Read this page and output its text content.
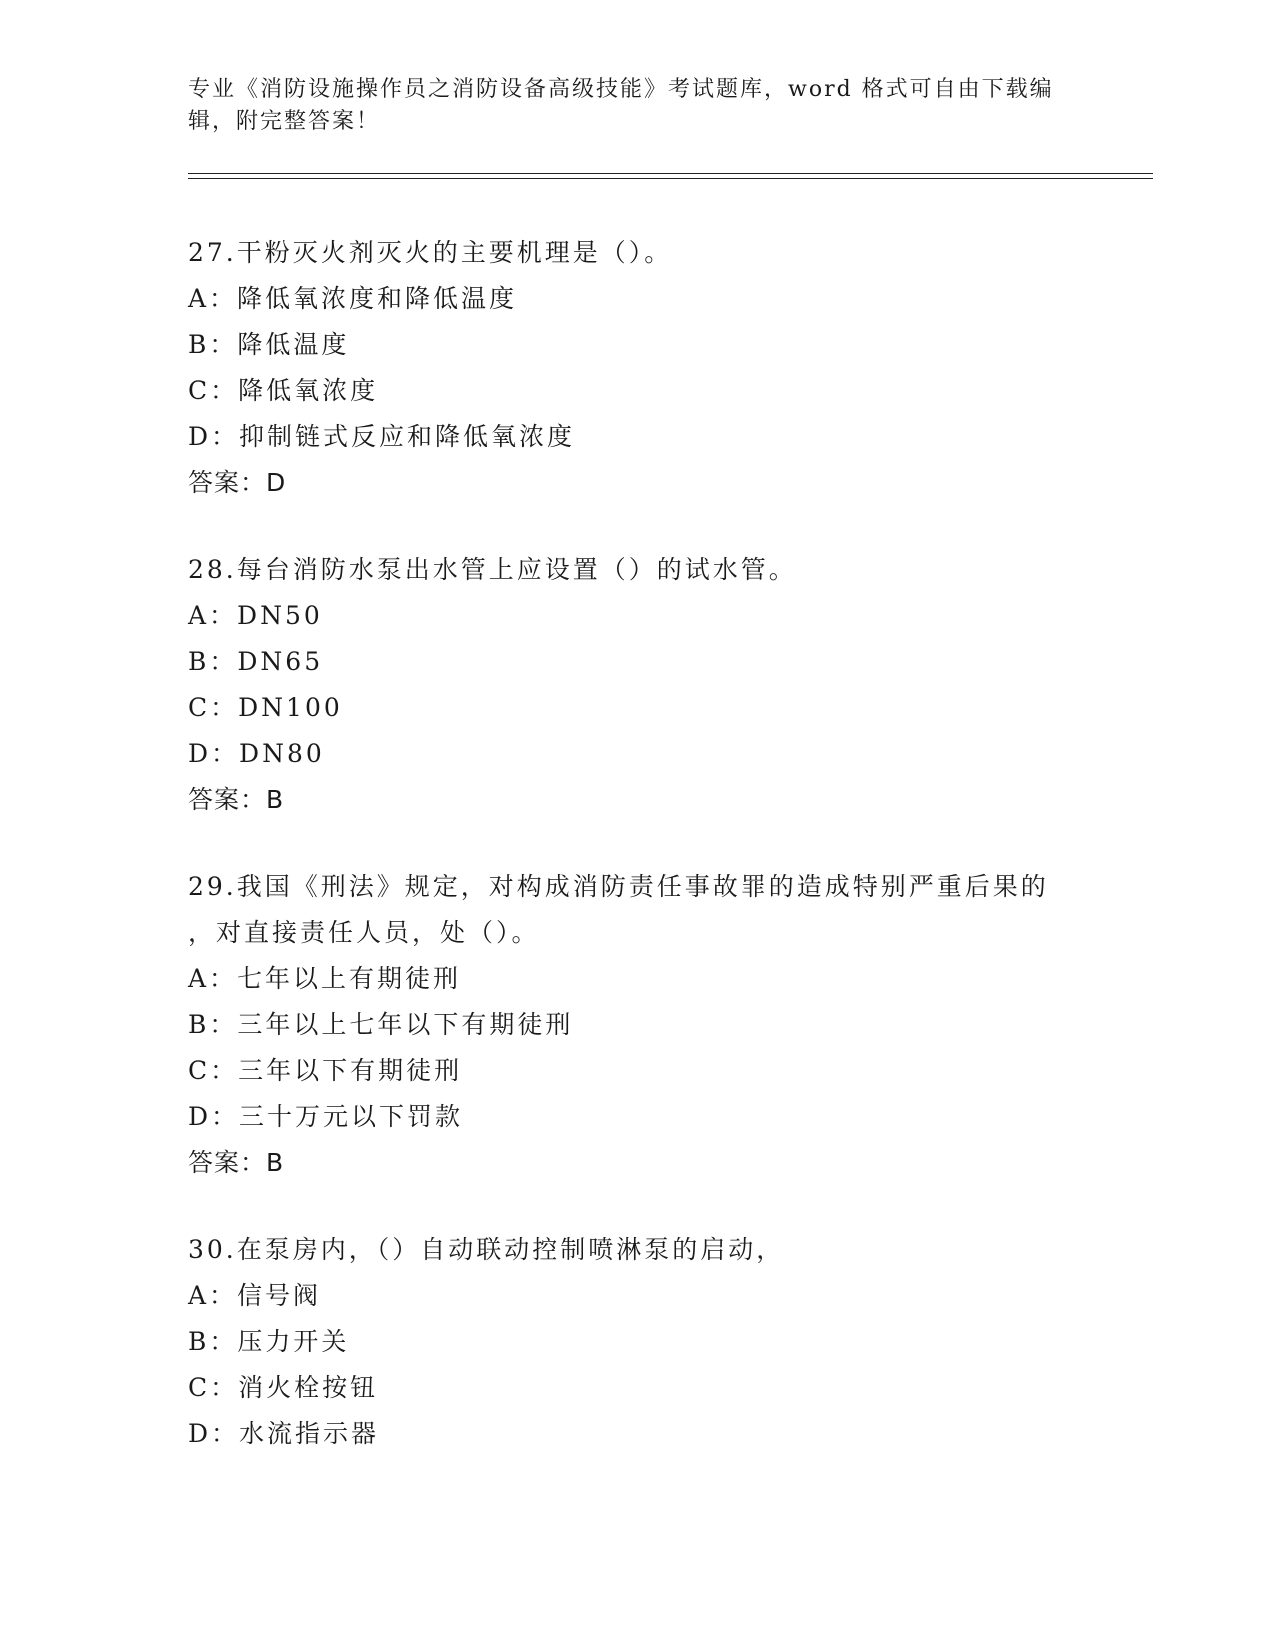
专业《消防设施操作员之消防设备高级技能》考试题库，word 格式可自由下载编辑，附完整答案！
27.干粉灭火剂灭火的主要机理是（）。
A：降低氧浓度和降低温度
B：降低温度
C：降低氧浓度
D：抑制链式反应和降低氧浓度
答案：D
28.每台消防水泵出水管上应设置（）的试水管。
A：DN50
B：DN65
C：DN100
D：DN80
答案：B
29.我国《刑法》规定，对构成消防责任事故罪的造成特别严重后果的
，对直接责任人员，处（）。
A：七年以上有期徒刑
B：三年以上七年以下有期徒刑
C：三年以下有期徒刑
D：三十万元以下罚款
答案：B
30.在泵房内，（）自动联动控制喷淋泵的启动，
A：信号阀
B：压力开关
C：消火栓按钮
D：水流指示器
